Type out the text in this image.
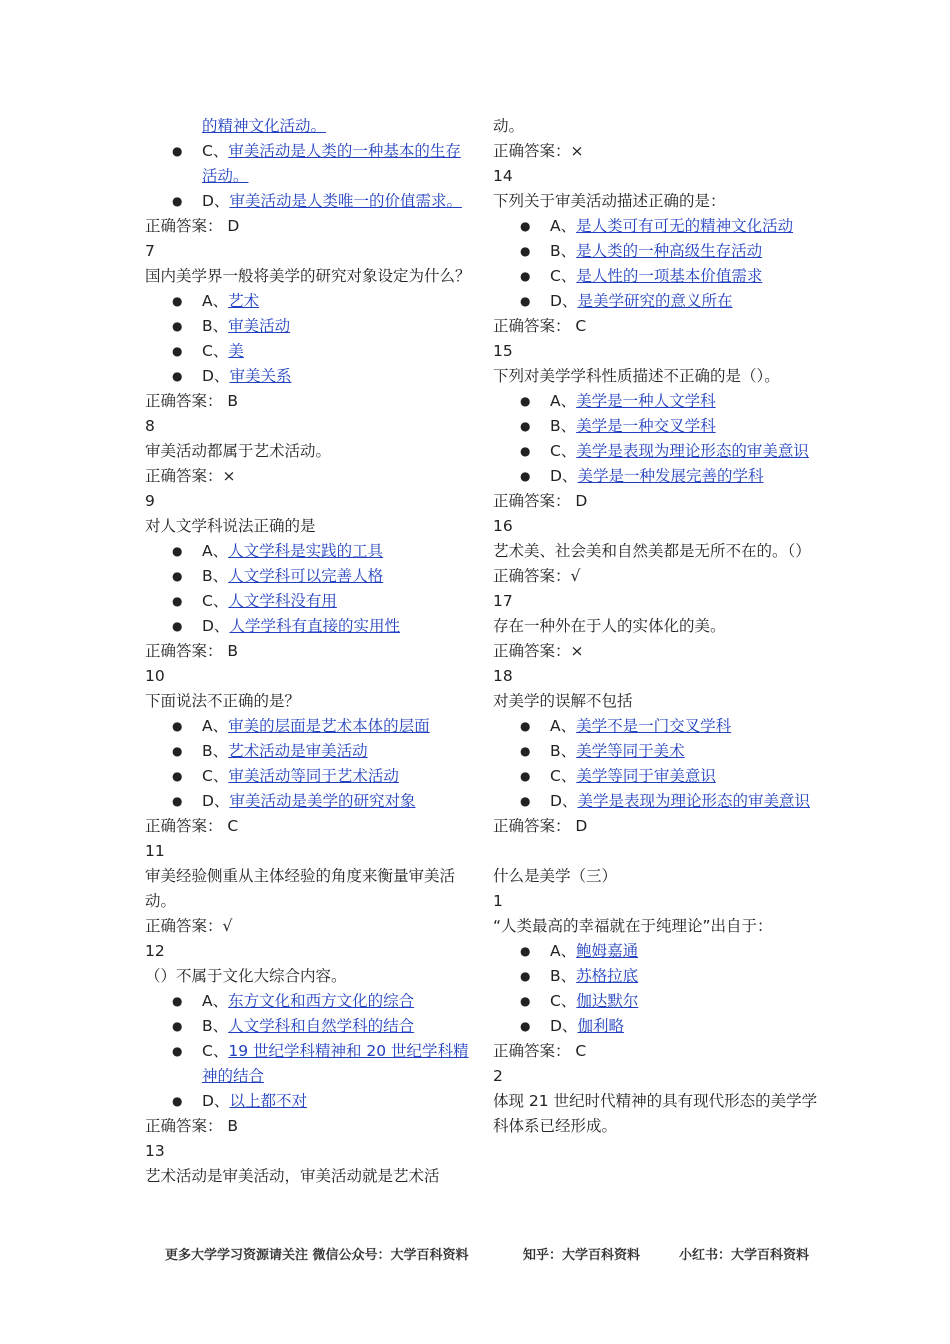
的精神文化活动。
● C、审美活动是人类的一种基本的生存活动。
● D、审美活动是人类唯一的价值需求。
正确答案： D
7
国内美学界一般将美学的研究对象设定为什么？
● A、艺术
● B、审美活动
● C、美
● D、审美关系
正确答案： B
8
审美活动都属于艺术活动。
正确答案：×
9
对人文学科说法正确的是
● A、人文学科是实践的工具
● B、人文学科可以完善人格
● C、人文学科没有用
● D、人学学科有直接的实用性
正确答案： B
10
下面说法不正确的是？
● A、审美的层面是艺术本体的层面
● B、艺术活动是审美活动
● C、审美活动等同于艺术活动
● D、审美活动是美学的研究对象
正确答案： C
11
审美经验侧重从主体经验的角度来衡量审美活动。
正确答案：√
12
（）不属于文化大综合内容。
● A、东方文化和西方文化的综合
● B、人文学科和自然学科的结合
● C、19 世纪学科精神和 20 世纪学科精神的结合
● D、以上都不对
正确答案： B
13
艺术活动是审美活动，审美活动就是艺术活
动。
正确答案：×
14
下列关于审美活动描述正确的是：
● A、是人类可有可无的精神文化活动
● B、是人类的一种高级生存活动
● C、是人性的一项基本价值需求
● D、是美学研究的意义所在
正确答案： C
15
下列对美学学科性质描述不正确的是（）。
● A、美学是一种人文学科
● B、美学是一种交叉学科
● C、美学是表现为理论形态的审美意识
● D、美学是一种发展完善的学科
正确答案： D
16
艺术美、社会美和自然美都是无所不在的。（）
正确答案：√
17
存在一种外在于人的实体化的美。
正确答案：×
18
对美学的误解不包括
● A、美学不是一门交叉学科
● B、美学等同于美术
● C、美学等同于审美意识
● D、美学是表现为理论形态的审美意识
正确答案： D
什么是美学（三）
1
“人类最高的幸福就在于纯理论”出自于：
● A、鲍姆嘉通
● B、苏格拉底
● C、伽达默尔
● D、伽利略
正确答案： C
2
体现 21 世纪时代精神的具有现代形态的美学学科体系已经形成。
更多大学学习资源请关注 微信公众号：大学百科资料	知乎：大学百科资料	小红书：大学百科资料
